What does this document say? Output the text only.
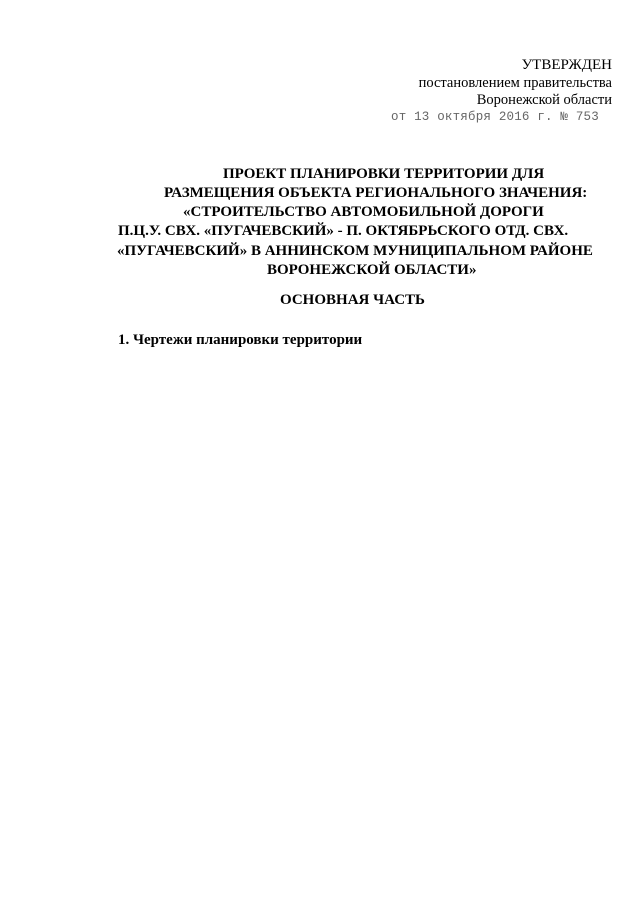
УТВЕРЖДЕН
постановлением правительства
Воронежской области
от 13 октября 2016 г. № 753
ПРОЕКТ ПЛАНИРОВКИ ТЕРРИТОРИИ ДЛЯ
РАЗМЕЩЕНИЯ ОБЪЕКТА РЕГИОНАЛЬНОГО ЗНАЧЕНИЯ:
«СТРОИТЕЛЬСТВО АВТОМОБИЛЬНОЙ ДОРОГИ
П.Ц.У. СВХ. «ПУГАЧЕВСКИЙ» - П. ОКТЯБРЬСКОГО ОТД. СВХ.
«ПУГАЧЕВСКИЙ» В АННИНСКОМ МУНИЦИПАЛЬНОМ РАЙОНЕ
ВОРОНЕЖСКОЙ ОБЛАСТИ»
ОСНОВНАЯ ЧАСТЬ
1. Чертежи планировки территории
